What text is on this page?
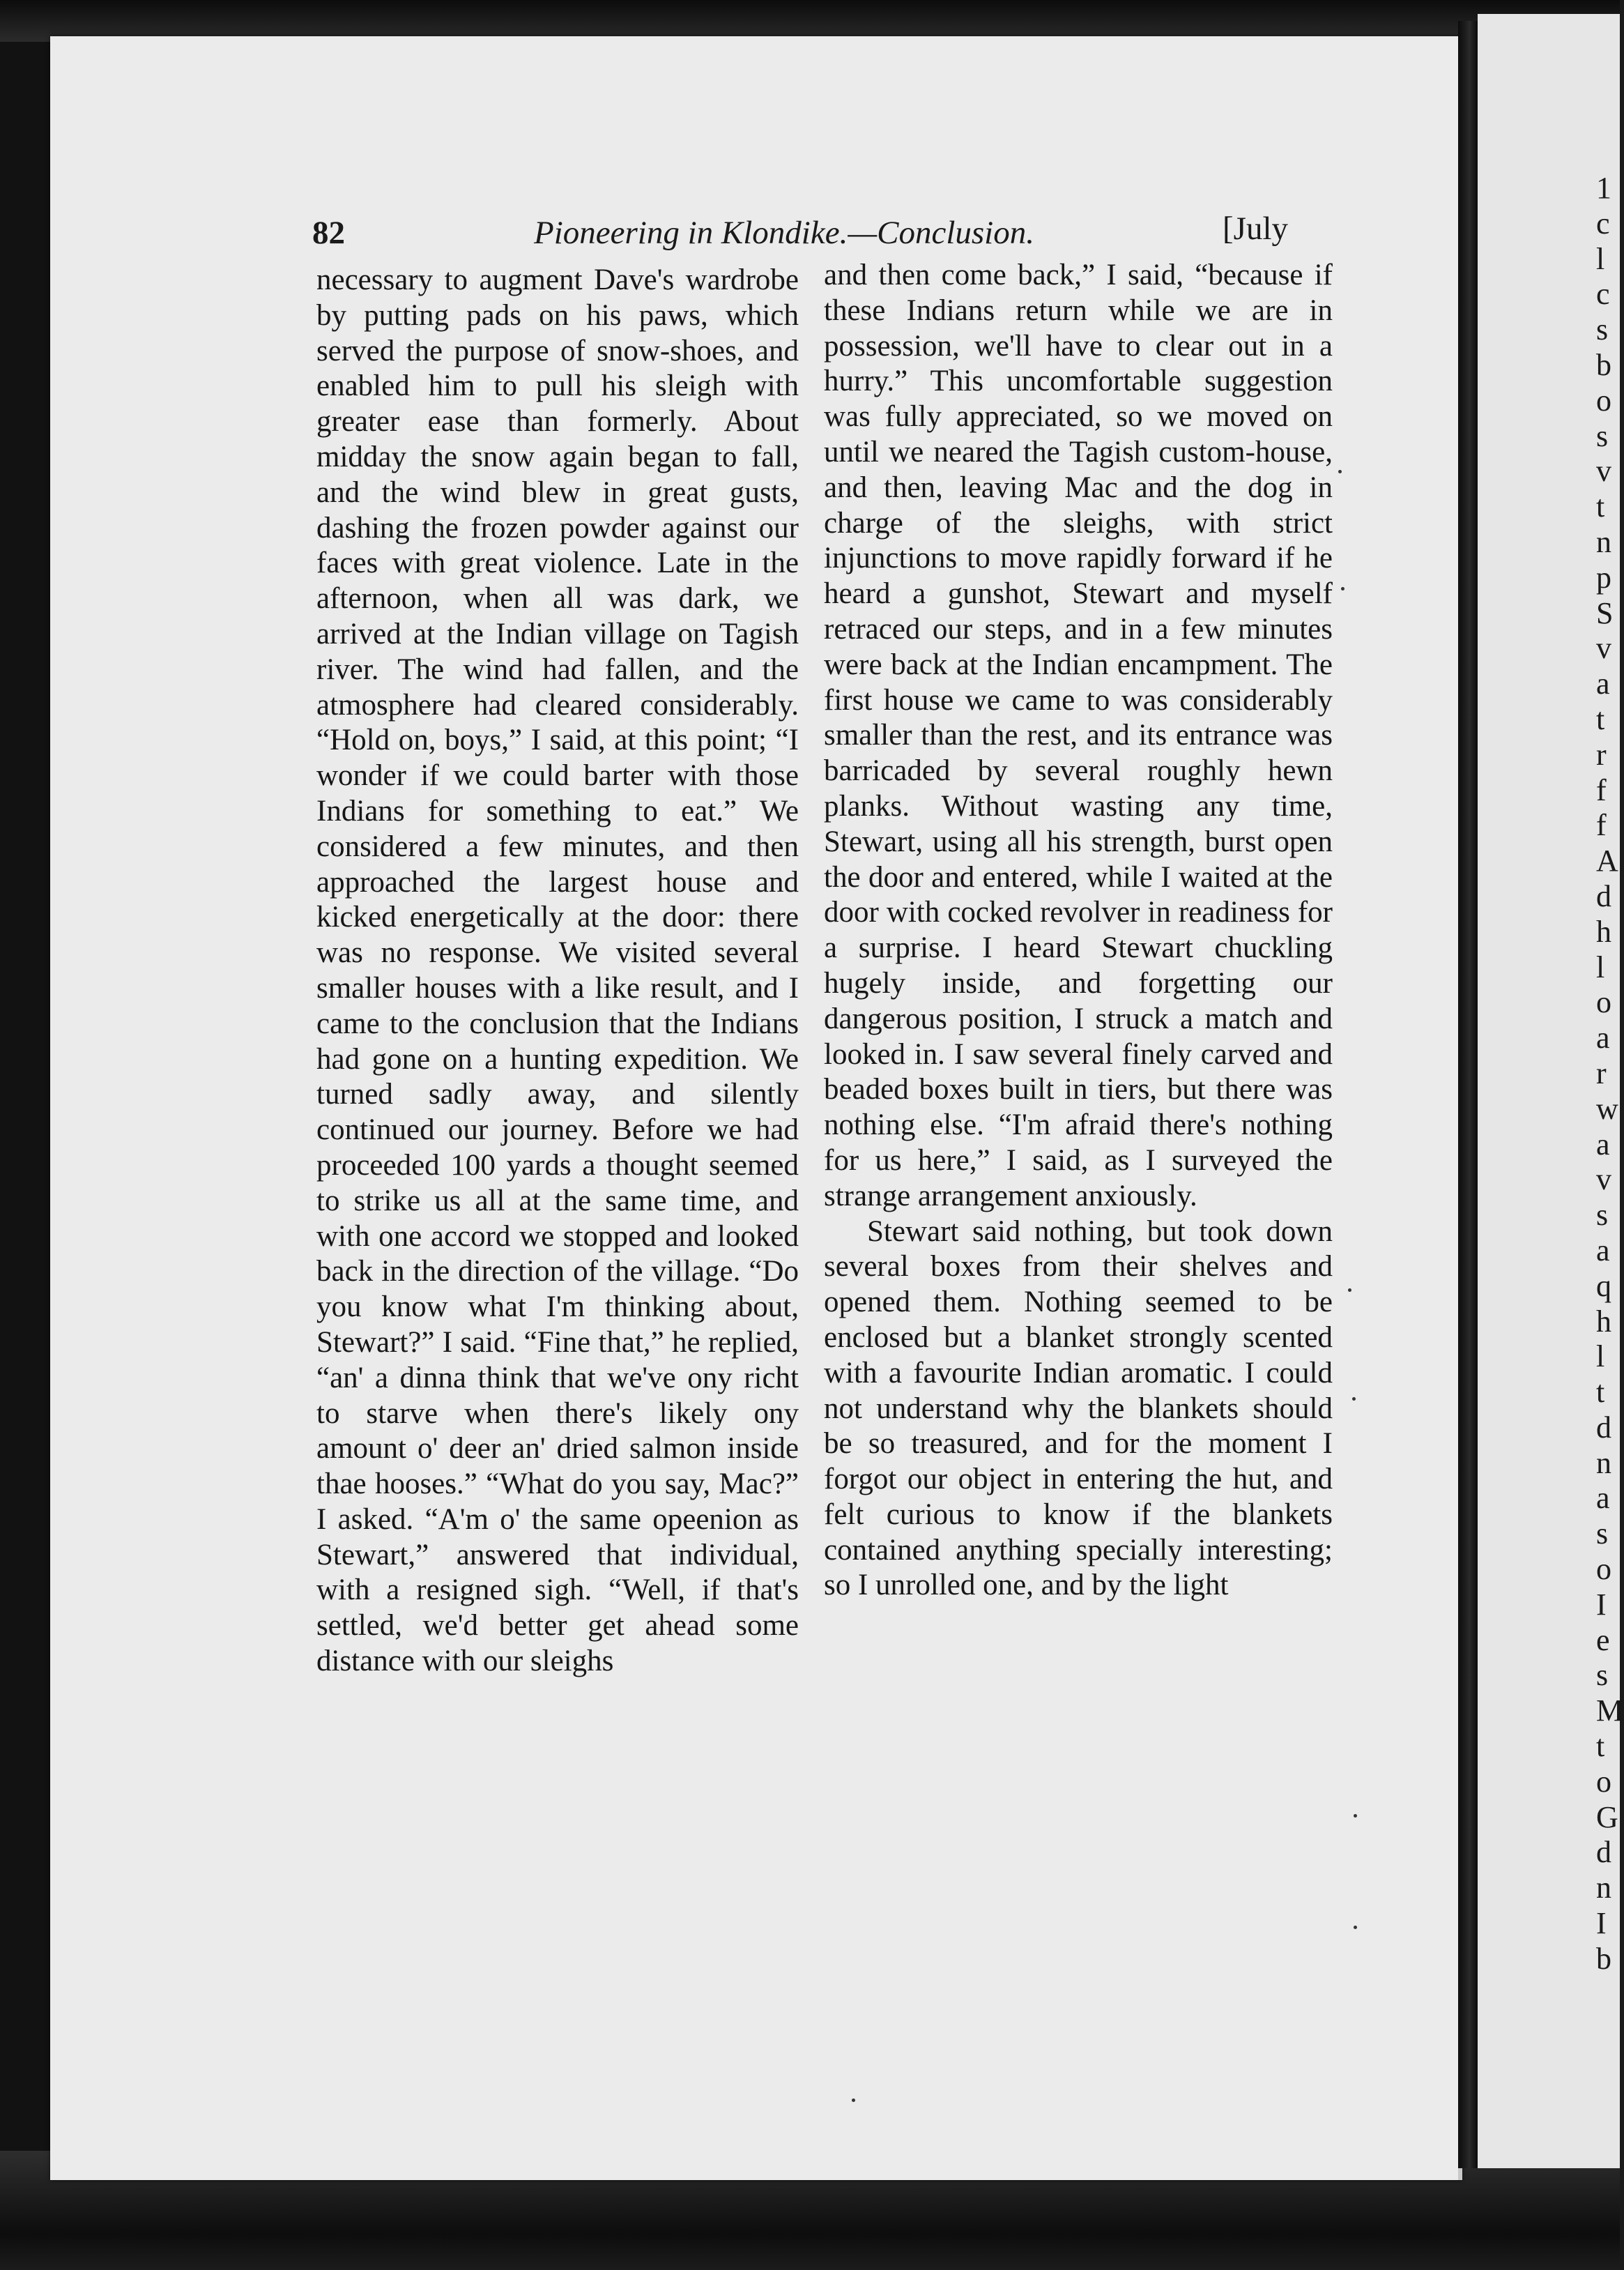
82	Pioneering in Klondike.—Conclusion.	[July

necessary to augment Dave's wardrobe by putting pads on his paws, which served the purpose of snow-shoes, and enabled him to pull his sleigh with greater ease than formerly. About midday the snow again began to fall, and the wind blew in great gusts, dashing the frozen powder against our faces with great violence. Late in the afternoon, when all was dark, we arrived at the Indian village on Tagish river. The wind had fallen, and the atmosphere had cleared considerably. “Hold on, boys,” I said, at this point; “I wonder if we could barter with those Indians for something to eat.” We considered a few minutes, and then approached the largest house and kicked energetically at the door: there was no response. We visited several smaller houses with a like result, and I came to the conclusion that the Indians had gone on a hunting expedition. We turned sadly away, and silently continued our journey. Before we had proceeded 100 yards a thought seemed to strike us all at the same time, and with one accord we stopped and looked back in the direction of the village. “Do you know what I'm thinking about, Stewart?” I said. “Fine that,” he replied, “an' a dinna think that we've ony richt to starve when there's likely ony amount o' deer an' dried salmon inside thae hooses.” “What do you say, Mac?” I asked. “A'm o' the same opeenion as Stewart,” answered that individual, with a resigned sigh. “Well, if that's settled, we'd better get ahead some distance with our sleighs

and then come back,” I said, “because if these Indians return while we are in possession, we'll have to clear out in a hurry.” This uncomfortable suggestion was fully appreciated, so we moved on until we neared the Tagish custom-house, and then, leaving Mac and the dog in charge of the sleighs, with strict injunctions to move rapidly forward if he heard a gunshot, Stewart and myself retraced our steps, and in a few minutes were back at the Indian encampment. The first house we came to was considerably smaller than the rest, and its entrance was barricaded by several roughly hewn planks. Without wasting any time, Stewart, using all his strength, burst open the door and entered, while I waited at the door with cocked revolver in readiness for a surprise. I heard Stewart chuckling hugely inside, and forgetting our dangerous position, I struck a match and looked in. I saw several finely carved and beaded boxes built in tiers, but there was nothing else. “I'm afraid there's nothing for us here,” I said, as I surveyed the strange arrangement anxiously.

Stewart said nothing, but took down several boxes from their shelves and opened them. Nothing seemed to be enclosed but a blanket strongly scented with a favourite Indian aromatic. I could not understand why the blankets should be so treasured, and for the moment I forgot our object in entering the hut, and felt curious to know if the blankets contained anything specially interesting; so I unrolled one, and by the light

1
c
l
c
s
b
o
s
v
t
n
p
S
v
a
t
r
f
f
A
d
h
l
o
a
r
w
a
v
s
a
q
h
l
t
d
n
a
s
o
I
e
s
M
t
o
G
d
n
I
b
